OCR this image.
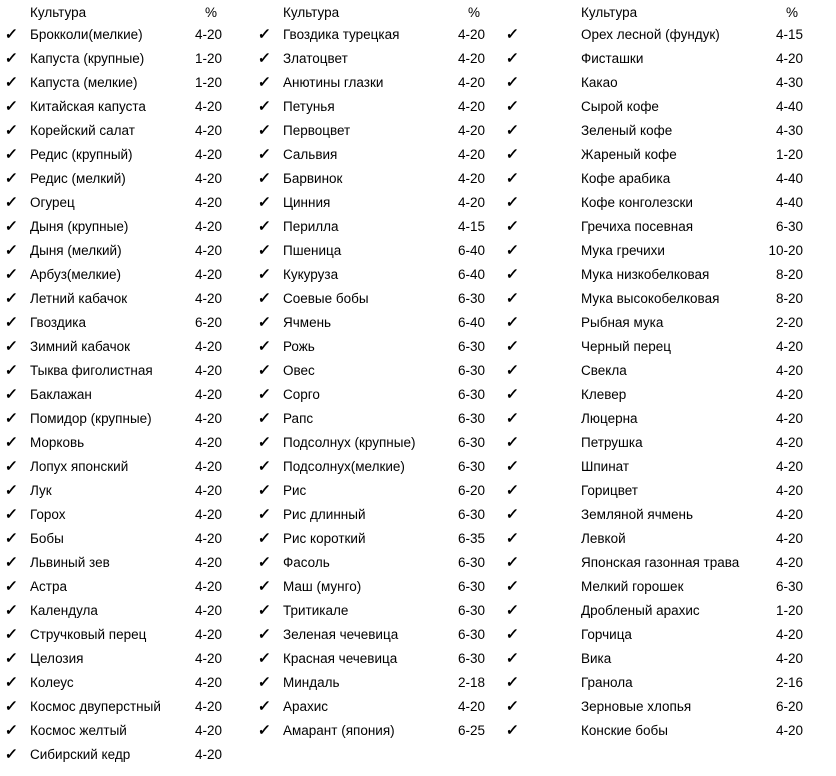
Культура	%
✓ Брокколи(мелкие)	4-20
✓ Капуста (крупные)	1-20
✓ Капуста (мелкие)	1-20
✓ Китайская капуста	4-20
✓ Корейский салат	4-20
✓ Редис (крупный)	4-20
✓ Редис (мелкий)	4-20
✓ Огурец	4-20
✓ Дыня (крупные)	4-20
✓ Дыня (мелкий)	4-20
✓ Арбуз(мелкие)	4-20
✓ Летний кабачок	4-20
✓ Гвоздика	6-20
✓ Зимний кабачок	4-20
✓ Тыква фиголистная	4-20
✓ Баклажан	4-20
✓ Помидор (крупные)	4-20
✓ Морковь	4-20
✓ Лопух японский	4-20
✓ Лук	4-20
✓ Горох	4-20
✓ Бобы	4-20
✓ Львиный зев	4-20
✓ Астра	4-20
✓ Календула	4-20
✓ Стручковый перец	4-20
✓ Целозия	4-20
✓ Колеус	4-20
✓ Космос двуперстный	4-20
✓ Космос желтый	4-20
✓ Сибирский кедр	4-20
Культура	%
✓ Гвоздика турецкая	4-20
✓ Златоцвет	4-20
✓ Анютины глазки	4-20
✓ Петунья	4-20
✓ Первоцвет	4-20
✓ Сальвия	4-20
✓ Барвинок	4-20
✓ Цинния	4-20
✓ Перилла	4-15
✓ Пшеница	6-40
✓ Кукуруза	6-40
✓ Соевые бобы	6-30
✓ Ячмень	6-40
✓ Рожь	6-30
✓ Овес	6-30
✓ Сорго	6-30
✓ Рапс	6-30
✓ Подсолнух (крупные)	6-30
✓ Подсолнух(мелкие)	6-30
✓ Рис	6-20
✓ Рис длинный	6-30
✓ Рис короткий	6-35
✓ Фасоль	6-30
✓ Маш (мунго)	6-30
✓ Тритикале	6-30
✓ Зеленая чечевица	6-30
✓ Красная чечевица	6-30
✓ Миндаль	2-18
✓ Арахис	4-20
✓ Амарант (япония)	6-25
Культура	%
✓	Орех лесной (фундук)	4-15
✓	Фисташки	4-20
✓	Какао	4-30
✓	Сырой кофе	4-40
✓	Зеленый кофе	4-30
✓	Жареный кофе	1-20
✓	Кофе арабика	4-40
✓	Кофе конголезски	4-40
✓	Гречиха посевная	6-30
✓	Мука гречихи	10-20
✓	Мука низкобелковая	8-20
✓	Мука высокобелковая	8-20
✓	Рыбная мука	2-20
✓	Черный перец	4-20
✓	Свекла	4-20
✓	Клевер	4-20
✓	Люцерна	4-20
✓	Петрушка	4-20
✓	Шпинат	4-20
✓	Горицвет	4-20
✓	Земляной ячмень	4-20
✓	Левкой	4-20
✓	Японская газонная трава	4-20
✓	Мелкий горошек	6-30
✓	Дробленый арахис	1-20
✓	Горчица	4-20
✓	Вика	4-20
✓	Гранола	2-16
✓	Зерновые хлопья	6-20
✓	Конские бобы	4-20
